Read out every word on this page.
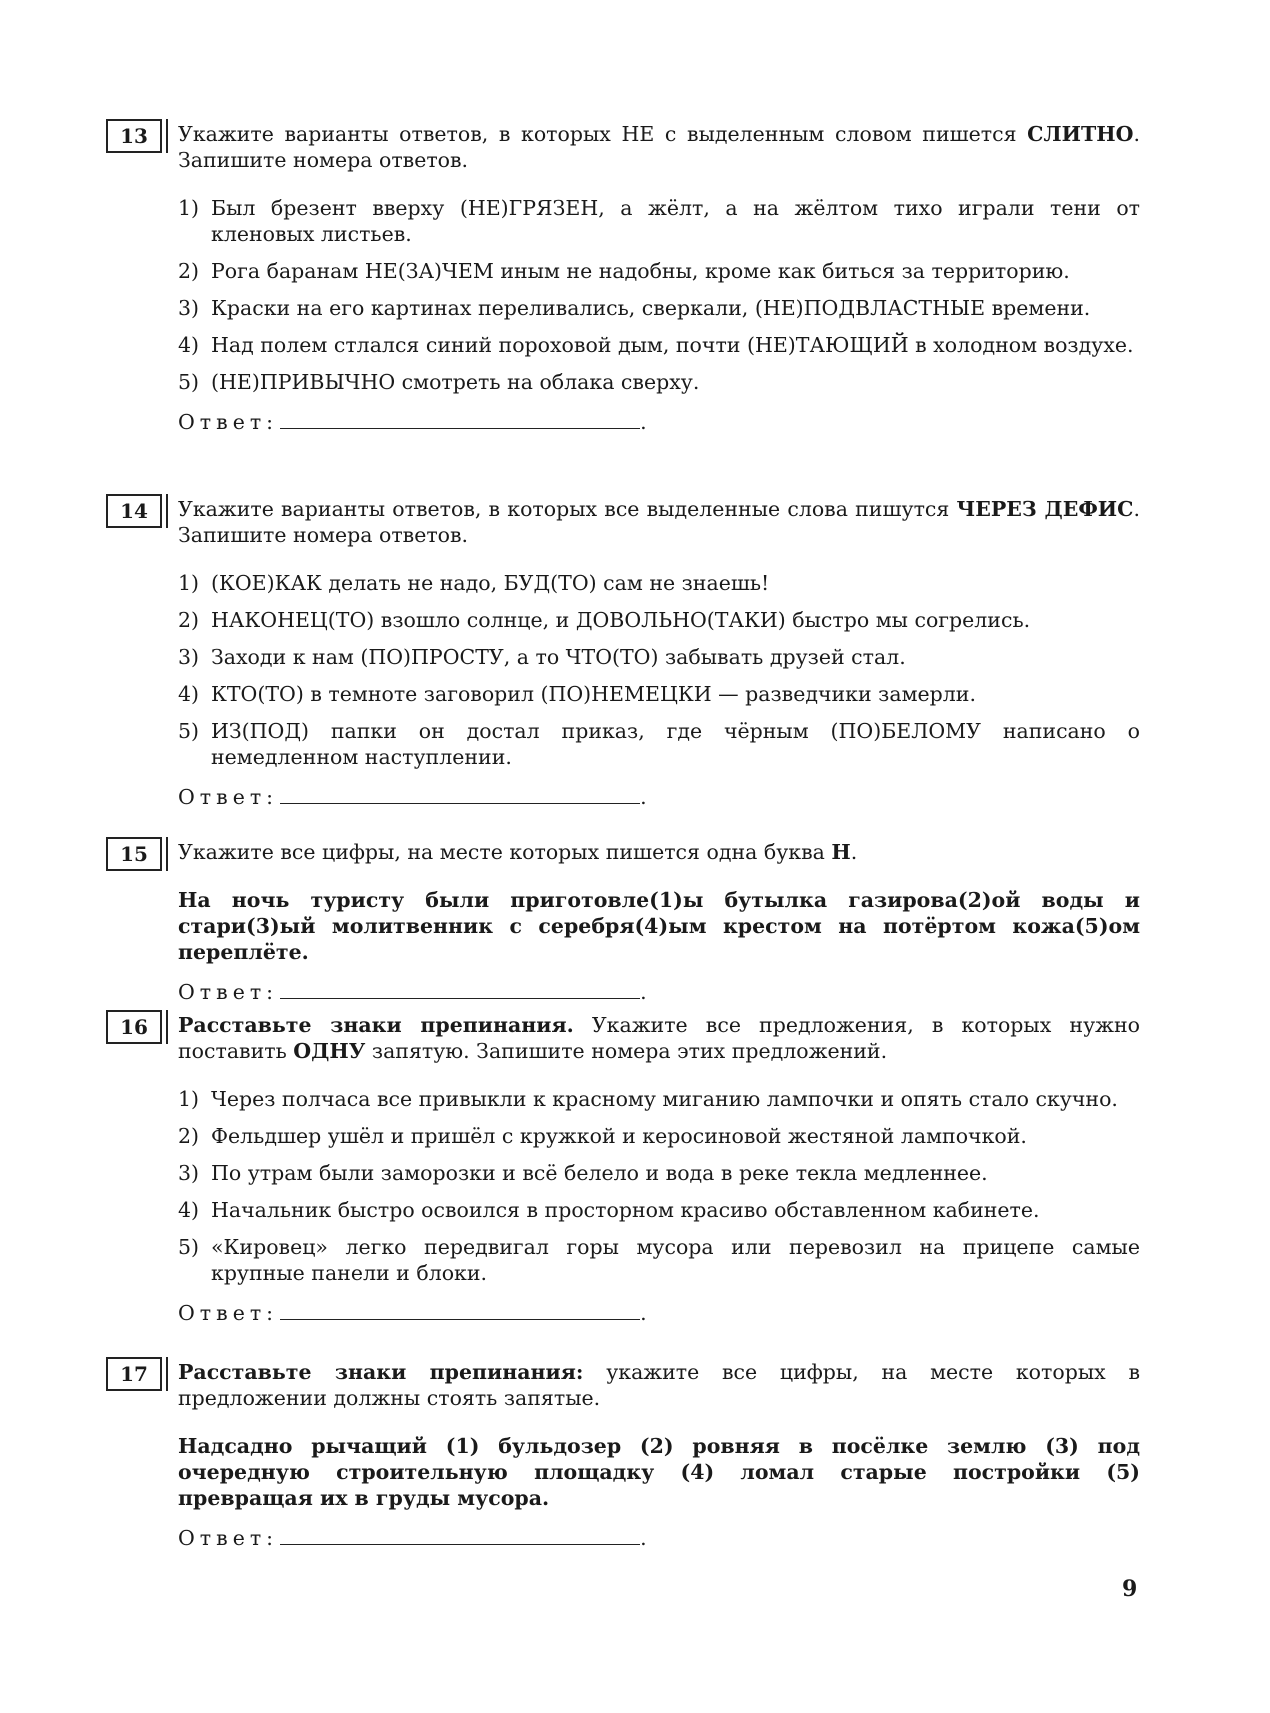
13	Укажите варианты ответов, в которых НЕ с выделенным словом пишется СЛИТНО. Запишите номера ответов.

1) Был брезент вверху (НЕ)ГРЯЗЕН, а жёлт, а на жёлтом тихо играли тени от кленовых листьев.
2) Рога баранам НЕ(ЗА)ЧЕМ иным не надобны, кроме как биться за территорию.
3) Краски на его картинах переливались, сверкали, (НЕ)ПОДВЛАСТНЫЕ времени.
4) Над полем стлался синий пороховой дым, почти (НЕ)ТАЮЩИЙ в холодном воздухе.
5) (НЕ)ПРИВЫЧНО смотреть на облака сверху.
Ответ:	.
14	Укажите варианты ответов, в которых все выделенные слова пишутся ЧЕРЕЗ ДЕФИС. Запишите номера ответов.

1) (КОЕ)КАК делать не надо, БУД(ТО) сам не знаешь!
2) НАКОНЕЦ(ТО) взошло солнце, и ДОВОЛЬНО(ТАКИ) быстро мы согрелись.
3) Заходи к нам (ПО)ПРОСТУ, а то ЧТО(ТО) забывать друзей стал.
4) КТО(ТО) в темноте заговорил (ПО)НЕМЕЦКИ — разведчики замерли.
5) ИЗ(ПОД) папки он достал приказ, где чёрным (ПО)БЕЛОМУ написано о немедленном наступлении.
Ответ:	.
15	Укажите все цифры, на месте которых пишется одна буква Н.

На ночь туристу были приготовле(1)ы бутылка газирова(2)ой воды и стари(3)ый молитвенник с серебря(4)ым крестом на потёртом кожа(5)ом переплёте.
Ответ:	.
16	Расставьте знаки препинания. Укажите все предложения, в которых нужно поставить ОДНУ запятую. Запишите номера этих предложений.

1) Через полчаса все привыкли к красному миганию лампочки и опять стало скучно.
2) Фельдшер ушёл и пришёл с кружкой и керосиновой жестяной лампочкой.
3) По утрам были заморозки и всё белело и вода в реке текла медленнее.
4) Начальник быстро освоился в просторном красиво обставленном кабинете.
5) «Кировец» легко передвигал горы мусора или перевозил на прицепе самые крупные панели и блоки.
Ответ:	.
17	Расставьте знаки препинания: укажите все цифры, на месте которых в предложении должны стоять запятые.

Надсадно рычащий (1) бульдозер (2) ровняя в посёлке землю (3) под очередную строительную площадку (4) ломал старые постройки (5) превращая их в груды мусора.
Ответ:	.
9
